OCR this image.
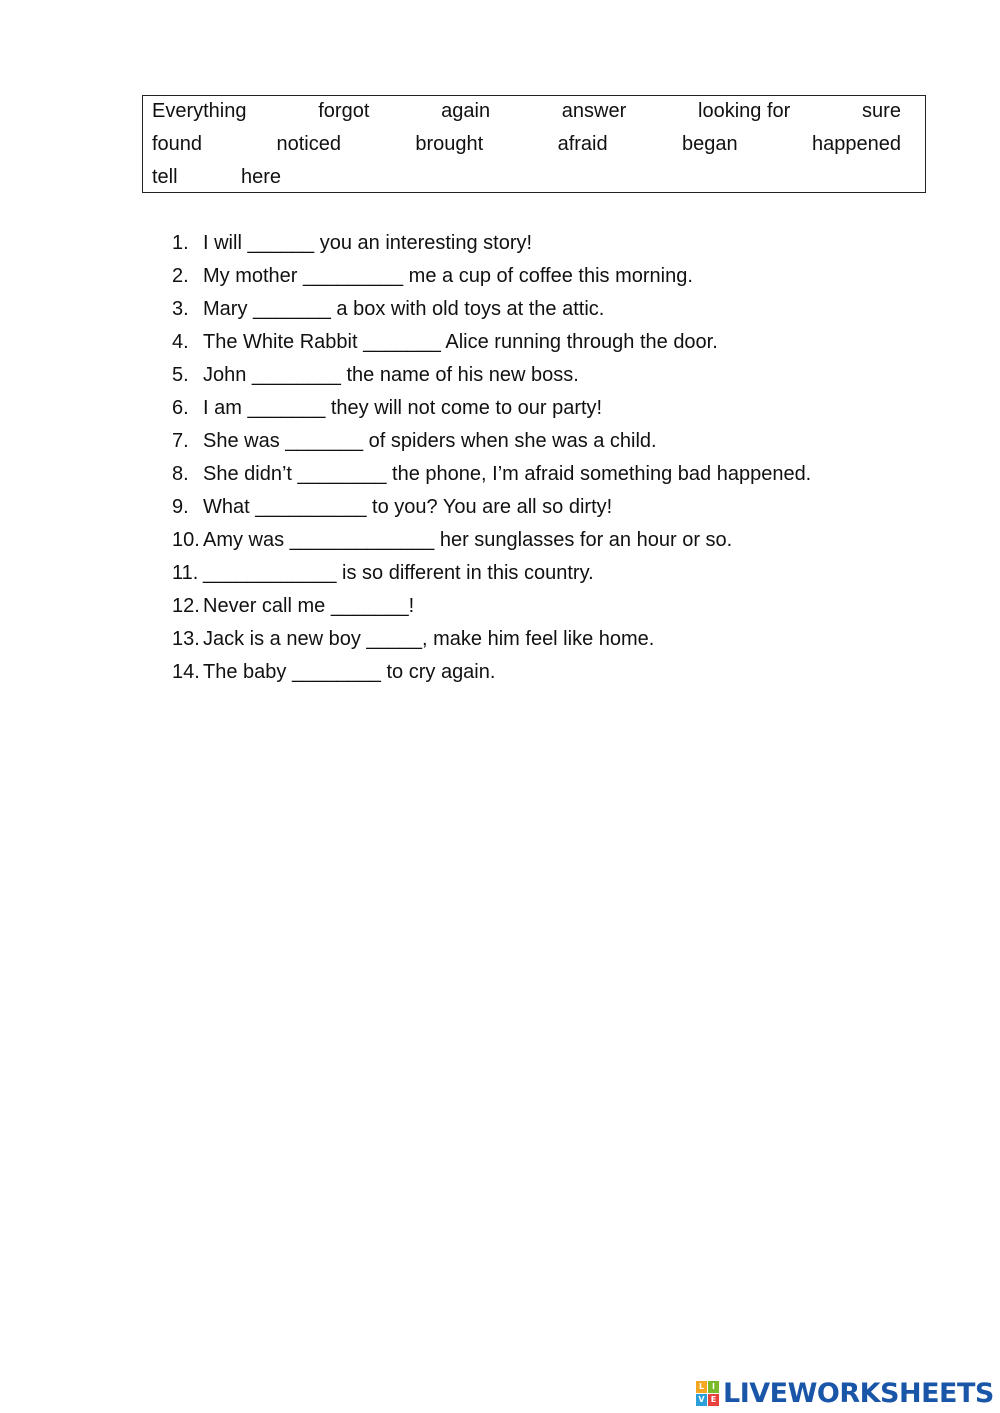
Everything	forgot	again	answer	looking for	sure
found	noticed	brought	afraid	began	happened
tell	here
1. I will ______ you an interesting story!
2. My mother _________ me a cup of coffee this morning.
3. Mary _______ a box with old toys at the attic.
4. The White Rabbit _______ Alice running through the door.
5. John ________ the name of his new boss.
6. I am _______ they will not come to our party!
7. She was _______ of spiders when she was a child.
8. She didn’t ________ the phone, I’m afraid something bad happened.
9. What __________ to you? You are all so dirty!
10. Amy was _____________ her sunglasses for an hour or so.
11. ____________ is so different in this country.
12. Never call me _______!
13. Jack is a new boy _____, make him feel like home.
14. The baby ________ to cry again.
L I
V E LIVEWORKSHEETS
